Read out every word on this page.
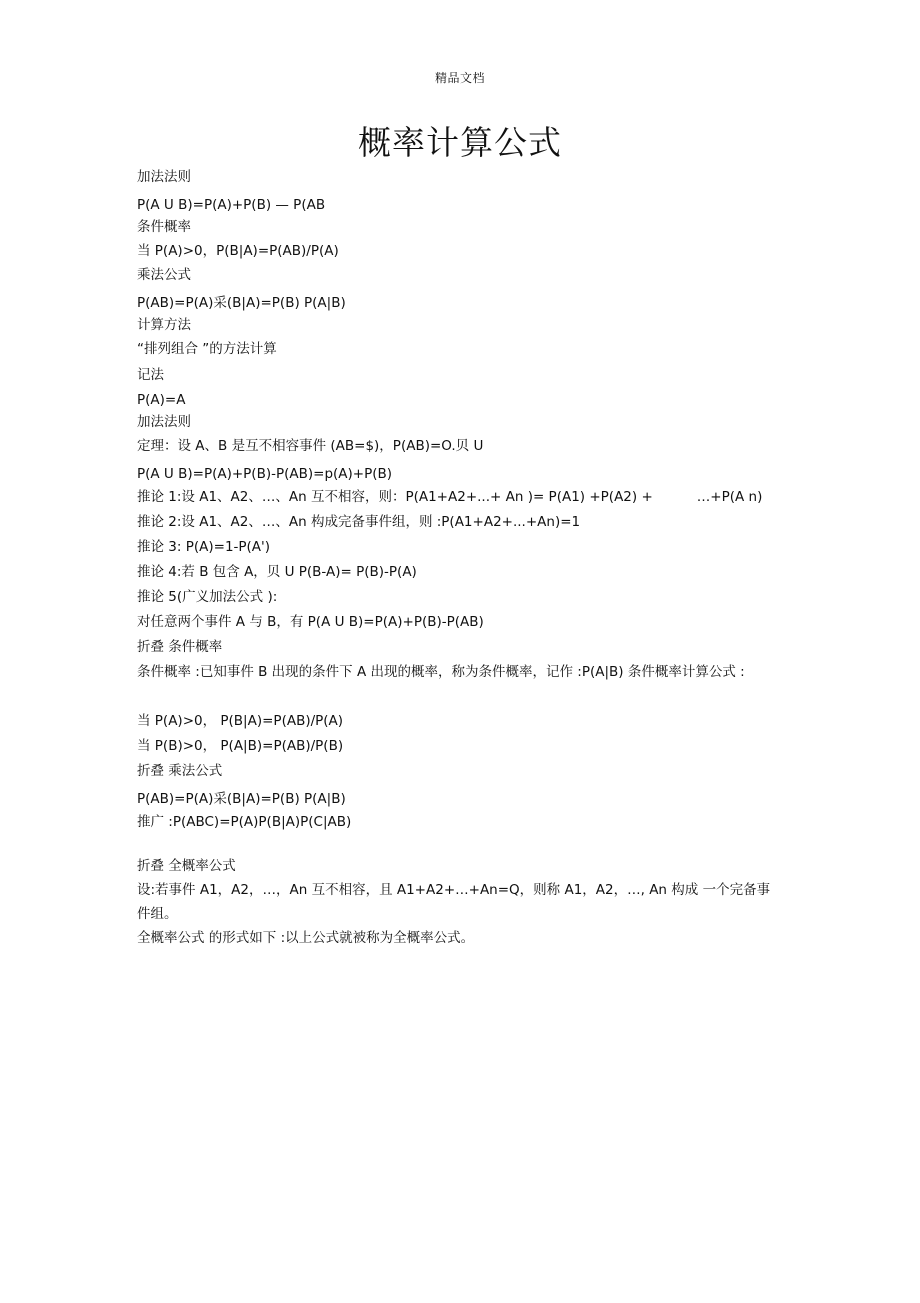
精品文档
概率计算公式
加法法则
P(A U B)=P(A)+P(B) — P(AB
条件概率
当 P(A)>0，P(B|A)=P(AB)/P(A)
乘法公式
P(AB)=P(A)采(B|A)=P(B) P(A|B)
计算方法
“排列组合 ”的方法计算
记法
P(A)=A
加法法则
定理：设 A、B 是互不相容事件 (AB=$)，P(AB)=O.贝 U
P(A U B)=P(A)+P(B)-P(AB)=p(A)+P(B)
推论 1:设 A1、A2、…、An 互不相容，则：P(A1+A2+...+ An )= P(A1) +P(A2) +	…+P(A n)
推论 2:设 A1、A2、…、An 构成完备事件组，则 :P(A1+A2+...+An)=1
推论 3: P(A)=1-P(A')
推论 4:若 B 包含 A，贝 U P(B-A)= P(B)-P(A)
推论 5(广义加法公式 ):
对任意两个事件 A 与 B，有 P(A U B)=P(A)+P(B)-P(AB)
折叠 条件概率
条件概率 :已知事件 B 出现的条件下 A 出现的概率，称为条件概率，记作 :P(A|B) 条件概率计算公式 :
当 P(A)>0， P(B|A)=P(AB)/P(A)
当 P(B)>0， P(A|B)=P(AB)/P(B)
折叠 乘法公式
P(AB)=P(A)采(B|A)=P(B) P(A|B)
推广 :P(ABC)=P(A)P(B|A)P(C|AB)
折叠 全概率公式
设:若事件 A1，A2，…，An 互不相容，且 A1+A2+…+An=Q，则称 A1，A2，…, An 构成 一个完备事件组。
全概率公式 的形式如下 :以上公式就被称为全概率公式。
